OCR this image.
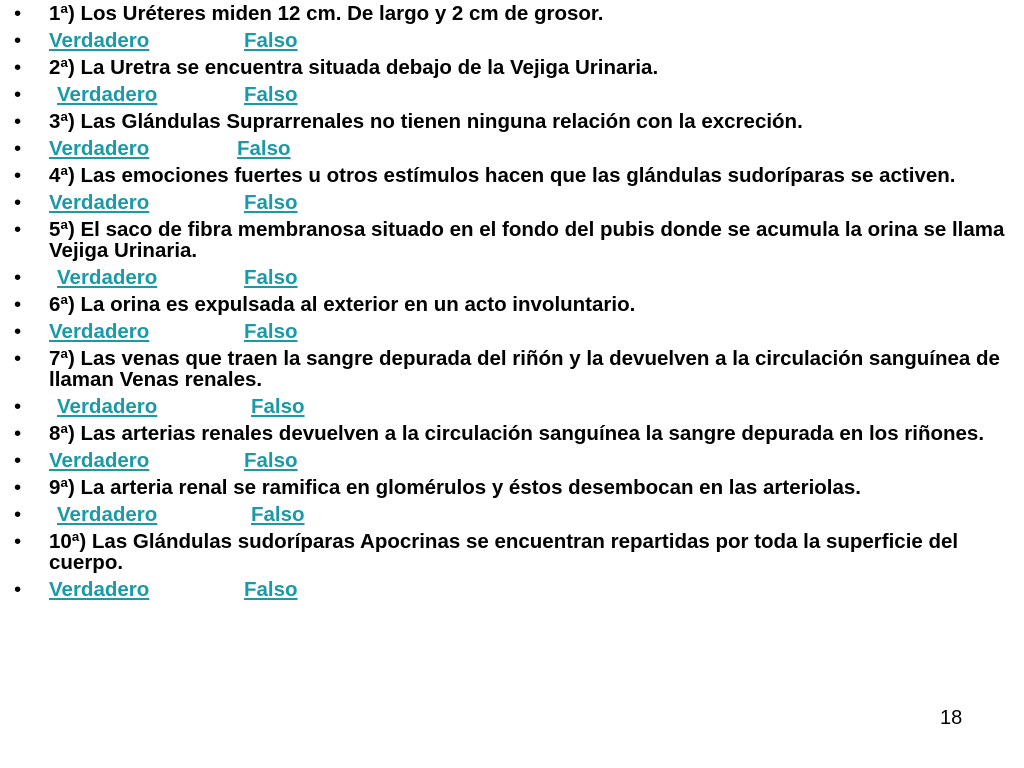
• 1ª) Los Uréteres miden 12 cm. De largo y 2 cm de grosor.
• Verdadero	Falso
• 2ª) La Uretra se encuentra situada debajo de la Vejiga Urinaria.
• Verdadero	Falso
• 3ª) Las Glándulas Suprarrenales no tienen ninguna relación con la excreción.
• Verdadero	Falso
• 4ª) Las emociones fuertes u otros estímulos hacen que las glándulas sudoríparas se activen.
• Verdadero	Falso
• 5ª) El saco de fibra membranosa situado en el fondo del pubis donde se acumula la orina se llama Vejiga Urinaria.
• Verdadero	Falso
• 6ª) La orina es expulsada al exterior en un acto involuntario.
• Verdadero	Falso
• 7ª) Las venas que traen la sangre depurada del riñón y la devuelven a la circulación sanguínea de llaman Venas renales.
• Verdadero	Falso
• 8ª) Las arterias renales devuelven a la circulación sanguínea la sangre depurada en los riñones.
• Verdadero	Falso
• 9ª) La arteria renal se ramifica en glomérulos y éstos desembocan en las arteriolas.
• Verdadero	Falso
• 10ª) Las Glándulas sudoríparas Apocrinas se encuentran repartidas por toda la superficie del cuerpo.
• Verdadero	Falso
18
